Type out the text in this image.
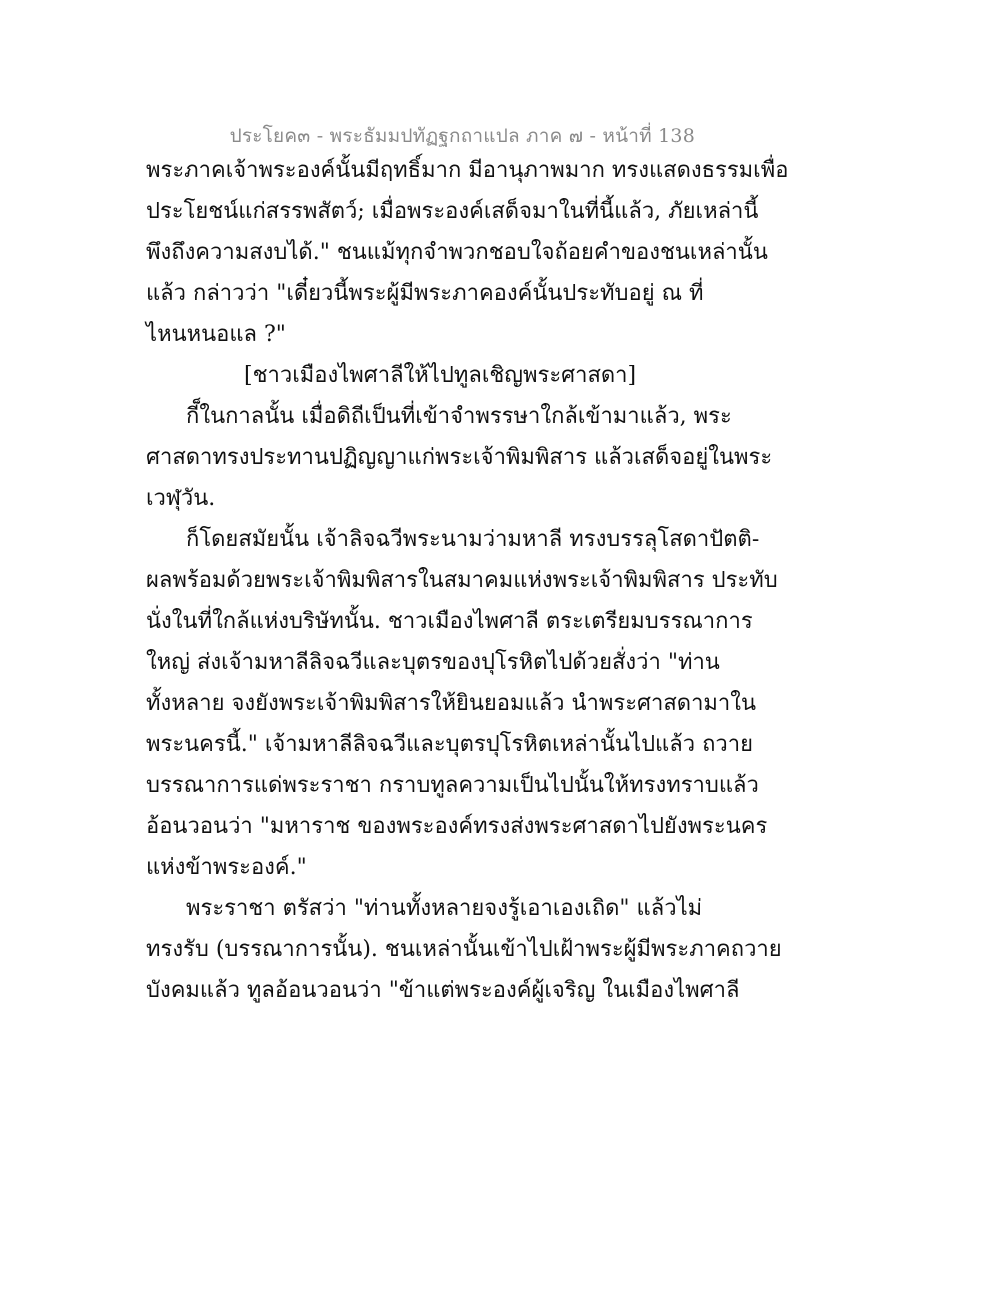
ประโยค๓ - พระธัมมปทัฏฐกถาแปล ภาค ๗ - หน้าที่ 138
พระภาคเจ้าพระองค์นั้นมีฤทธิ์มาก มีอานุภาพมาก ทรงแสดงธรรมเพื่อ
ประโยชน์แก่สรรพสัตว์; เมื่อพระองค์เสด็จมาในที่นี้แล้ว, ภัยเหล่านี้
พึงถึงความสงบได้." ชนแม้ทุกจำพวกชอบใจถ้อยคำของชนเหล่านั้น
แล้ว กล่าวว่า "เดี๋ยวนี้พระผู้มีพระภาคองค์นั้นประทับอยู่ ณ ที่
ไหนหนอแล ?"
[ชาวเมืองไพศาลีให้ไปทูลเชิญพระศาสดา]
กี็ในกาลนั้น เมื่อดิถีเป็นที่เข้าจำพรรษาใกล้เข้ามาแล้ว, พระ
ศาสดาทรงประทานปฏิญญาแก่พระเจ้าพิมพิสาร แล้วเสด็จอยู่ในพระ
เวฬุวัน.
ก็โดยสมัยนั้น เจ้าลิจฉวีพระนามว่ามหาลี ทรงบรรลุโสดาปัตติ-
ผลพร้อมด้วยพระเจ้าพิมพิสารในสมาคมแห่งพระเจ้าพิมพิสาร ประทับ
นั่งในที่ใกล้แห่งบริษัทนั้น. ชาวเมืองไพศาลี ตระเตรียมบรรณาการ
ใหญ่ ส่งเจ้ามหาลีลิจฉวีและบุตรของปุโรหิตไปด้วยสั่งว่า "ท่าน
ทั้งหลาย จงยังพระเจ้าพิมพิสารให้ยินยอมแล้ว นำพระศาสดามาใน
พระนครนี้." เจ้ามหาลีลิจฉวีและบุตรปุโรหิตเหล่านั้นไปแล้ว ถวาย
บรรณาการแด่พระราชา กราบทูลความเป็นไปนั้นให้ทรงทราบแล้ว
อ้อนวอนว่า "มหาราช ของพระองค์ทรงส่งพระศาสดาไปยังพระนคร
แห่งข้าพระองค์."
พระราชา ตรัสว่า "ท่านทั้งหลายจงรู้เอาเองเถิด" แล้วไม่
ทรงรับ (บรรณาการนั้น). ชนเหล่านั้นเข้าไปเฝ้าพระผู้มีพระภาคถวาย
บังคมแล้ว ทูลอ้อนวอนว่า "ข้าแต่พระองค์ผู้เจริญ ในเมืองไพศาลี
